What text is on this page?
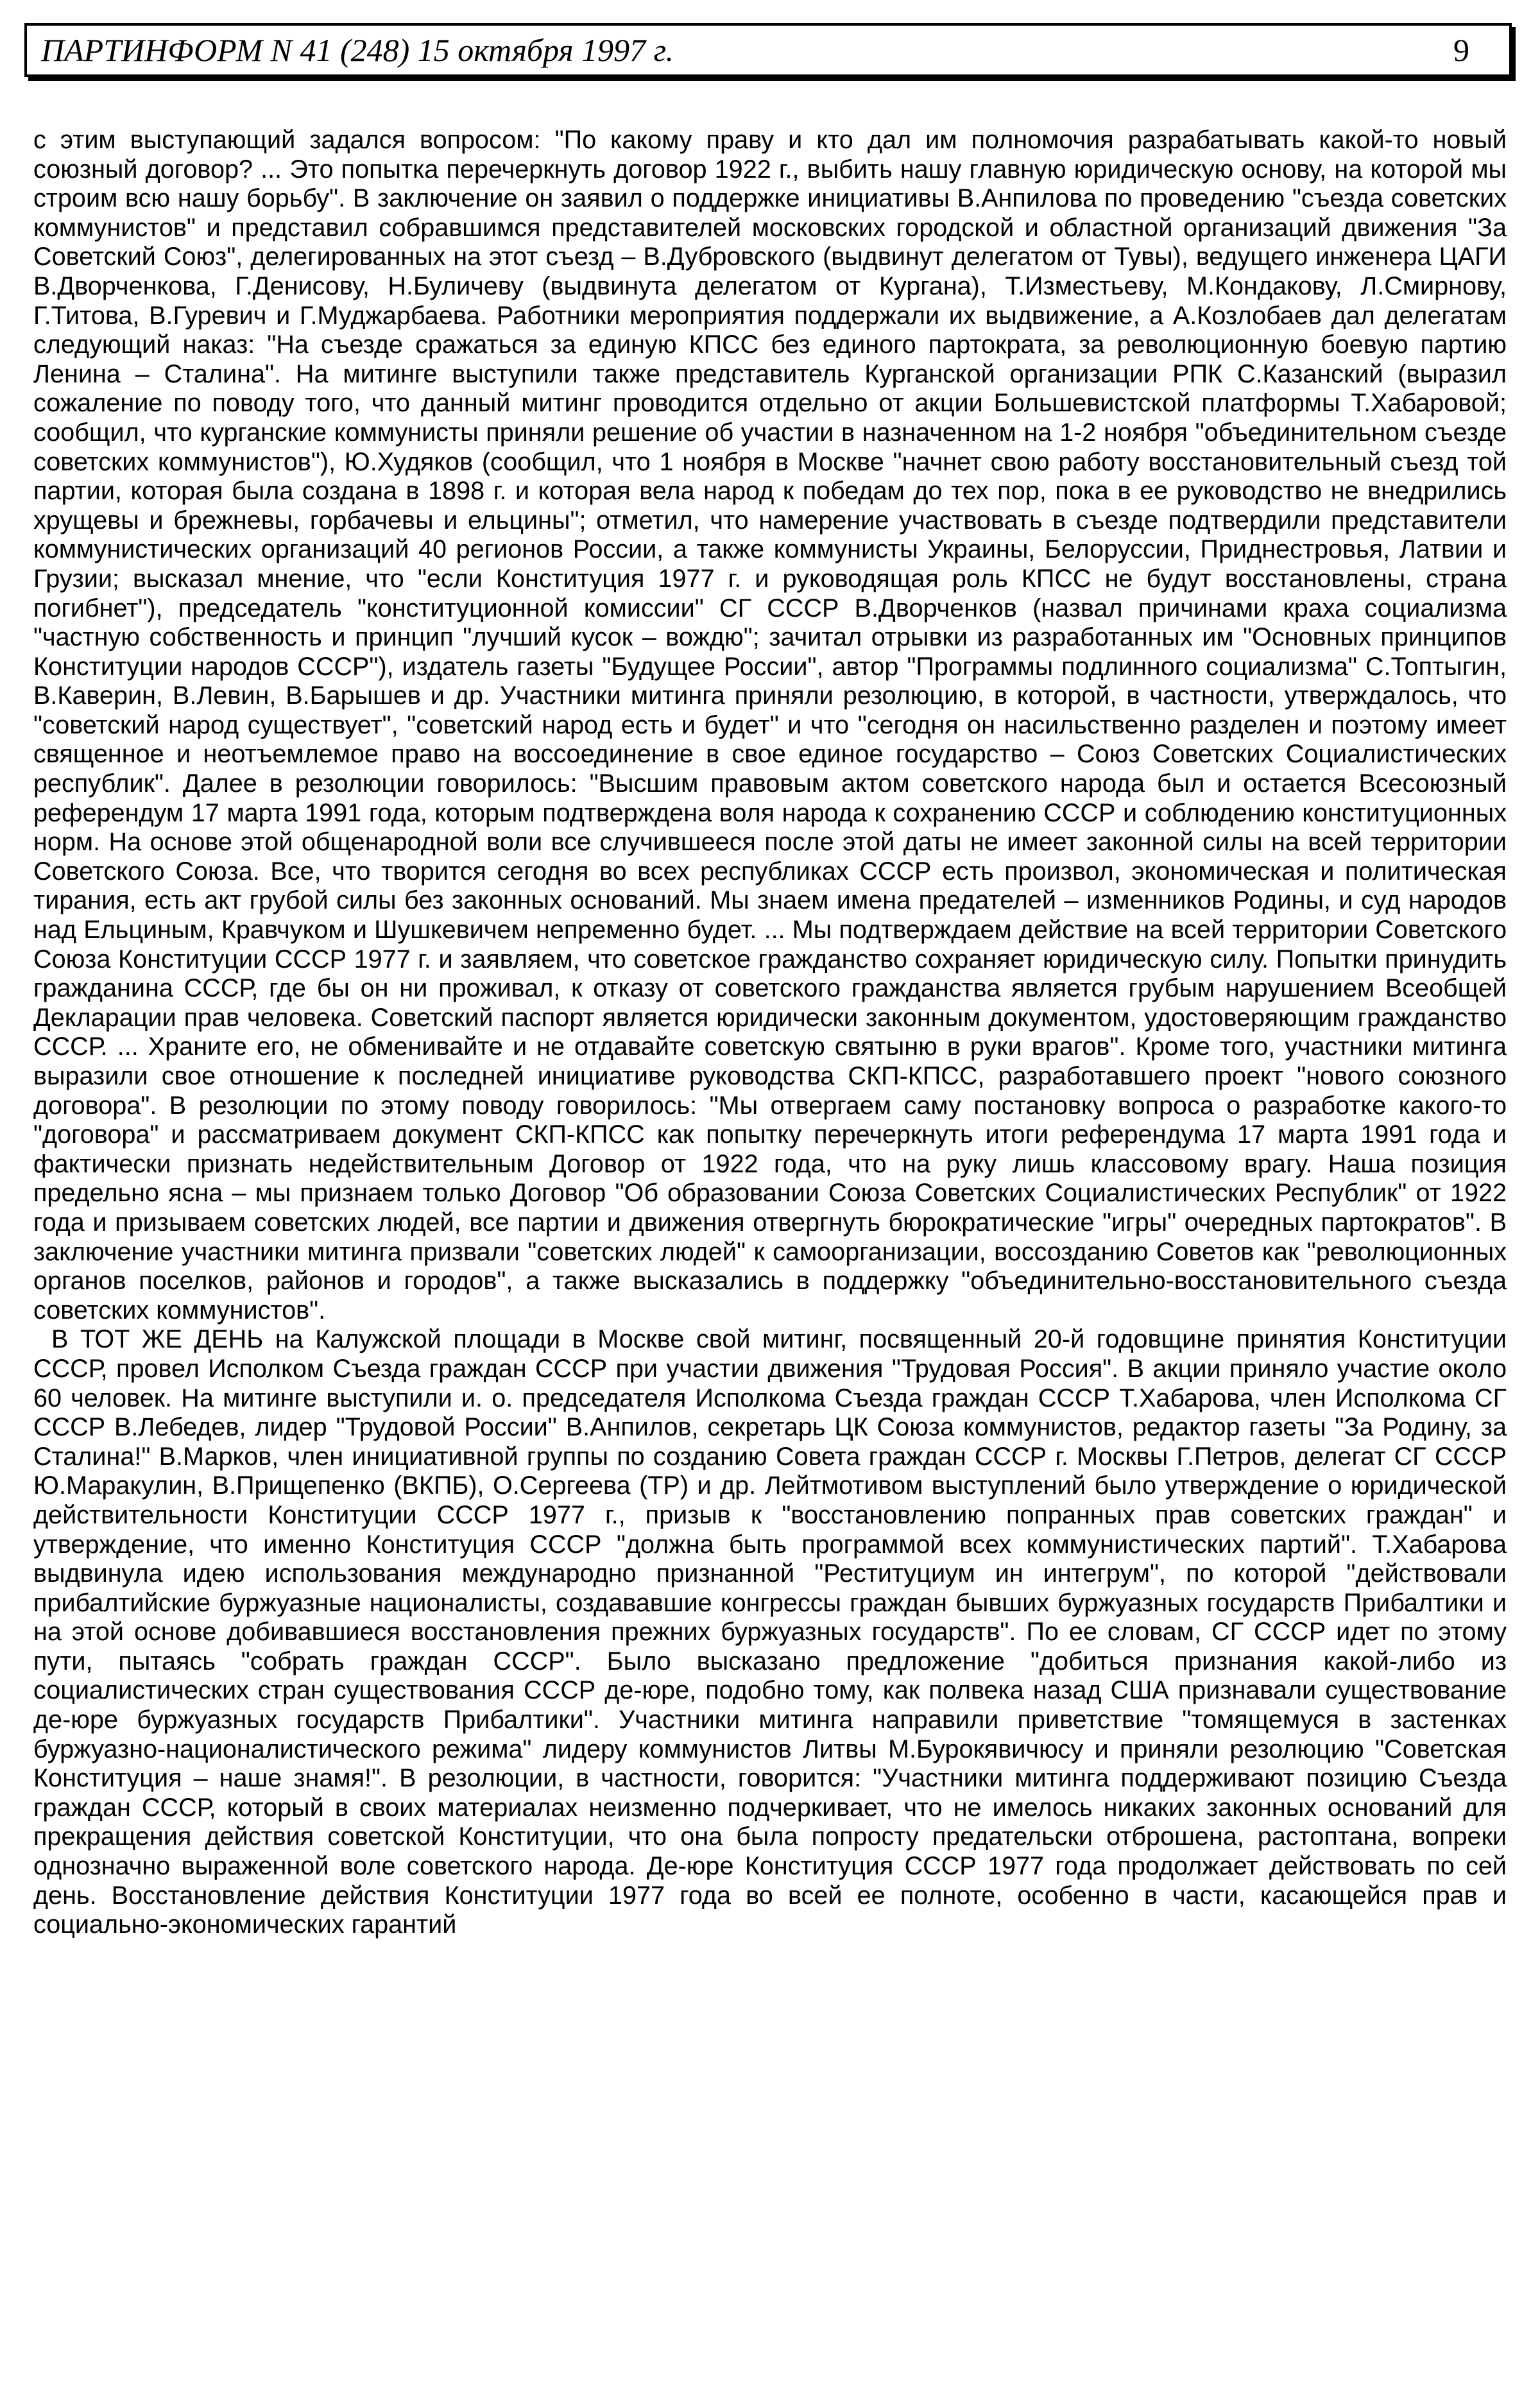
ПАРТИНФОРМ N 41 (248) 15 октября 1997 г.	9

с этим выступающий задался вопросом: "По какому праву и кто дал им полномочия разрабатывать какой-то новый союзный договор? ... Это попытка перечеркнуть договор 1922 г., выбить нашу главную юридическую основу, на которой мы строим всю нашу борьбу". В заключение он заявил о поддержке инициативы В.Анпилова по проведению "съезда советских коммунистов" и представил собравшимся представителей московских городской и областной организаций движения "За Советский Союз", делегированных на этот съезд – В.Дубровского (выдвинут делегатом от Тувы), ведущего инженера ЦАГИ В.Дворченкова, Г.Денисову, Н.Буличеву (выдвинута делегатом от Кургана), Т.Изместьеву, М.Кондакову, Л.Смирнову, Г.Титова, В.Гуревич и Г.Муджарбаева. Работники мероприятия поддержали их выдвижение, а А.Козлобаев дал делегатам следующий наказ: "На съезде сражаться за единую КПСС без единого партократа, за революционную боевую партию Ленина – Сталина". На митинге выступили также представитель Курганской организации РПК С.Казанский (выразил сожаление по поводу того, что данный митинг проводится отдельно от акции Большевистской платформы Т.Хабаровой; сообщил, что курганские коммунисты приняли решение об участии в назначенном на 1-2 ноября "объединительном съезде советских коммунистов"), Ю.Худяков (сообщил, что 1 ноября в Москве "начнет свою работу восстановительный съезд той партии, которая была создана в 1898 г. и которая вела народ к победам до тех пор, пока в ее руководство не внедрились хрущевы и брежневы, горбачевы и ельцины"; отметил, что намерение участвовать в съезде подтвердили представители коммунистических организаций 40 регионов России, а также коммунисты Украины, Белоруссии, Приднестровья, Латвии и Грузии; высказал мнение, что "если Конституция 1977 г. и руководящая роль КПСС не будут восстановлены, страна погибнет"), председатель "конституционной комиссии" СГ СССР В.Дворченков (назвал причинами краха социализма "частную собственность и принцип "лучший кусок – вождю"; зачитал отрывки из разработанных им "Основных принципов Конституции народов СССР"), издатель газеты "Будущее России", автор "Программы подлинного социализма" С.Топтыгин, В.Каверин, В.Левин, В.Барышев и др. Участники митинга приняли резолюцию, в которой, в частности, утверждалось, что "советский народ существует", "советский народ есть и будет" и что "сегодня он насильственно разделен и поэтому имеет священное и неотъемлемое право на воссоединение в свое единое государство – Союз Советских Социалистических республик". Далее в резолюции говорилось: "Высшим правовым актом советского народа был и остается Всесоюзный референдум 17 марта 1991 года, которым подтверждена воля народа к сохранению СССР и соблюдению конституционных норм. На основе этой общенародной воли все случившееся после этой даты не имеет законной силы на всей территории Советского Союза. Все, что творится сегодня во всех республиках СССР есть произвол, экономическая и политическая тирания, есть акт грубой силы без законных оснований. Мы знаем имена предателей – изменников Родины, и суд народов над Ельциным, Кравчуком и Шушкевичем непременно будет. ... Мы подтверждаем действие на всей территории Советского Союза Конституции СССР 1977 г. и заявляем, что советское гражданство сохраняет юридическую силу. Попытки принудить гражданина СССР, где бы он ни проживал, к отказу от советского гражданства является грубым нарушением Всеобщей Декларации прав человека. Советский паспорт является юридически законным документом, удостоверяющим гражданство СССР. ... Храните его, не обменивайте и не отдавайте советскую святыню в руки врагов". Кроме того, участники митинга выразили свое отношение к последней инициативе руководства СКП-КПСС, разработавшего проект "нового союзного договора". В резолюции по этому поводу говорилось: "Мы отвергаем саму постановку вопроса о разработке какого-то "договора" и рассматриваем документ СКП-КПСС как попытку перечеркнуть итоги референдума 17 марта 1991 года и фактически признать недействительным Договор от 1922 года, что на руку лишь классовому врагу. Наша позиция предельно ясна – мы признаем только Договор "Об образовании Союза Советских Социалистических Республик" от 1922 года и призываем советских людей, все партии и движения отвергнуть бюрократические "игры" очередных партократов". В заключение участники митинга призвали "советских людей" к самоорганизации, воссозданию Советов как "революционных органов поселков, районов и городов", а также высказались в поддержку "объединительно-восстановительного съезда советских коммунистов".

В ТОТ ЖЕ ДЕНЬ на Калужской площади в Москве свой митинг, посвященный 20-й годовщине принятия Конституции СССР, провел Исполком Съезда граждан СССР при участии движения "Трудовая Россия". В акции приняло участие около 60 человек. На митинге выступили и. о. председателя Исполкома Съезда граждан СССР Т.Хабарова, член Исполкома СГ СССР В.Лебедев, лидер "Трудовой России" В.Анпилов, секретарь ЦК Союза коммунистов, редактор газеты "За Родину, за Сталина!" В.Марков, член инициативной группы по созданию Совета граждан СССР г. Москвы Г.Петров, делегат СГ СССР Ю.Маракулин, В.Прищепенко (ВКПБ), О.Сергеева (ТР) и др. Лейтмотивом выступлений было утверждение о юридической действительности Конституции СССР 1977 г., призыв к "восстановлению попранных прав советских граждан" и утверждение, что именно Конституция СССР "должна быть программой всех коммунистических партий". Т.Хабарова выдвинула идею использования международно признанной "Реституциум ин интегрум", по которой "действовали прибалтийские буржуазные националисты, создававшие конгрессы граждан бывших буржуазных государств Прибалтики и на этой основе добивавшиеся восстановления прежних буржуазных государств". По ее словам, СГ СССР идет по этому пути, пытаясь "собрать граждан СССР". Было высказано предложение "добиться признания какой-либо из социалистических стран существования СССР де-юре, подобно тому, как полвека назад США признавали существование де-юре буржуазных государств Прибалтики". Участники митинга направили приветствие "томящемуся в застенках буржуазно-националистического режима" лидеру коммунистов Литвы М.Бурокявичюсу и приняли резолюцию "Советская Конституция – наше знамя!". В резолюции, в частности, говорится: "Участники митинга поддерживают позицию Съезда граждан СССР, который в своих материалах неизменно подчеркивает, что не имелось никаких законных оснований для прекращения действия советской Конституции, что она была попросту предательски отброшена, растоптана, вопреки однозначно выраженной воле советского народа. Де-юре Конституция СССР 1977 года продолжает действовать по сей день. Восстановление действия Конституции 1977 года во всей ее полноте, особенно в части, касающейся прав и социально-экономических гарантий
